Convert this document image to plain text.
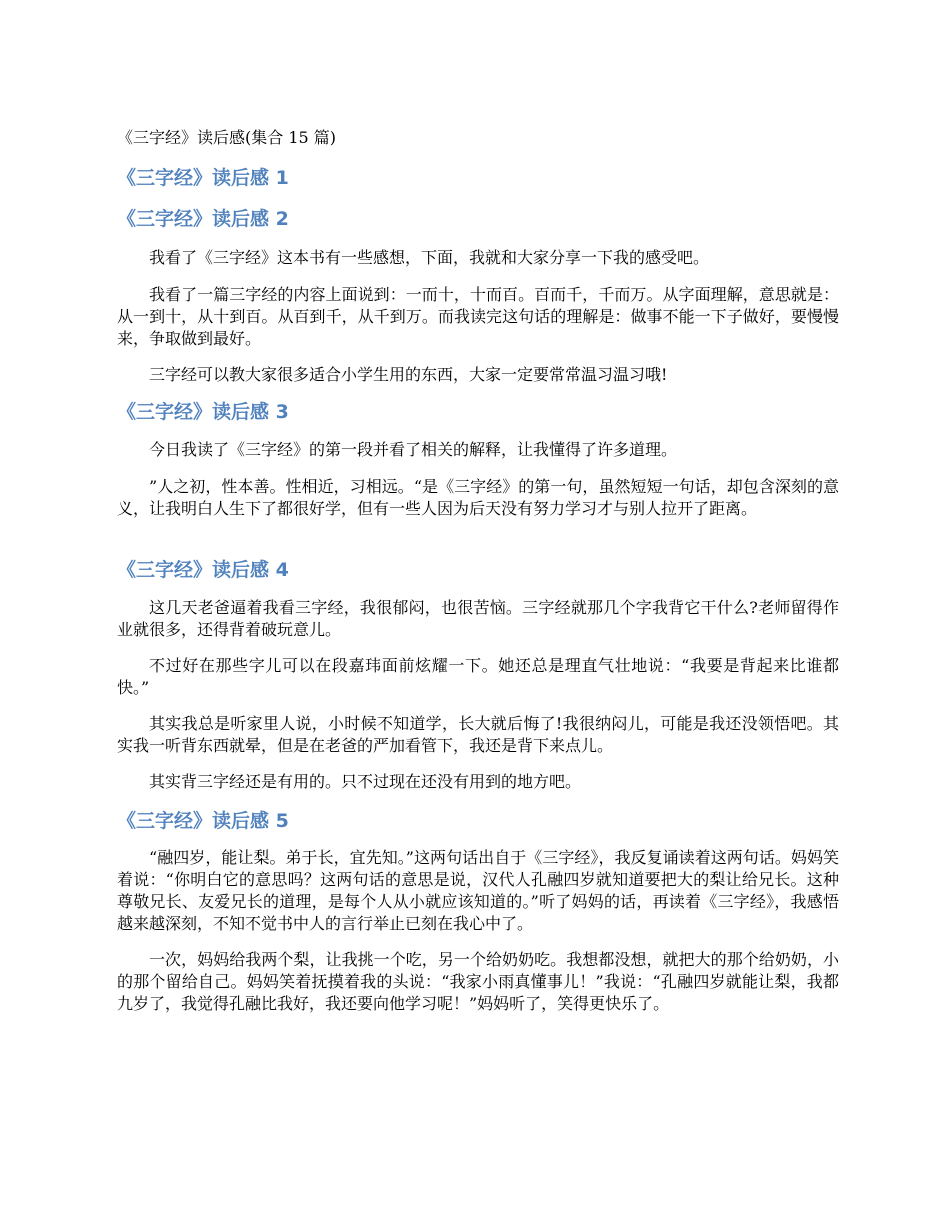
《三字经》读后感(集合 15 篇)

《三字经》读后感 1
《三字经》读后感 2

我看了《三字经》这本书有一些感想，下面，我就和大家分享一下我的感受吧。

我看了一篇三字经的内容上面说到：一而十，十而百。百而千，千而万。从字面理解，意思就是：从一到十，从十到百。从百到千，从千到万。而我读完这句话的理解是：做事不能一下子做好，要慢慢来，争取做到最好。

三字经可以教大家很多适合小学生用的东西，大家一定要常常温习温习哦!

《三字经》读后感 3

今日我读了《三字经》的第一段并看了相关的解释，让我懂得了许多道理。

”人之初，性本善。性相近，习相远。“是《三字经》的第一句，虽然短短一句话，却包含深刻的意义，让我明白人生下了都很好学，但有一些人因为后天没有努力学习才与别人拉开了距离。

《三字经》读后感 4

这几天老爸逼着我看三字经，我很郁闷，也很苦恼。三字经就那几个字我背它干什么?老师留得作业就很多，还得背着破玩意儿。

不过好在那些字儿可以在段嘉玮面前炫耀一下。她还总是理直气壮地说：“我要是背起来比谁都快。”

其实我总是听家里人说，小时候不知道学，长大就后悔了!我很纳闷儿，可能是我还没领悟吧。其实我一听背东西就晕，但是在老爸的严加看管下，我还是背下来点儿。

其实背三字经还是有用的。只不过现在还没有用到的地方吧。

《三字经》读后感 5

“融四岁，能让梨。弟于长，宜先知。”这两句话出自于《三字经》，我反复诵读着这两句话。妈妈笑着说：“你明白它的意思吗？这两句话的意思是说，汉代人孔融四岁就知道要把大的梨让给兄长。这种尊敬兄长、友爱兄长的道理，是每个人从小就应该知道的。”听了妈妈的话，再读着《三字经》，我感悟越来越深刻，不知不觉书中人的言行举止已刻在我心中了。

一次，妈妈给我两个梨，让我挑一个吃，另一个给奶奶吃。我想都没想，就把大的那个给奶奶，小的那个留给自己。妈妈笑着抚摸着我的头说：“我家小雨真懂事儿！”我说：“孔融四岁就能让梨，我都九岁了，我觉得孔融比我好，我还要向他学习呢！”妈妈听了，笑得更快乐了。
